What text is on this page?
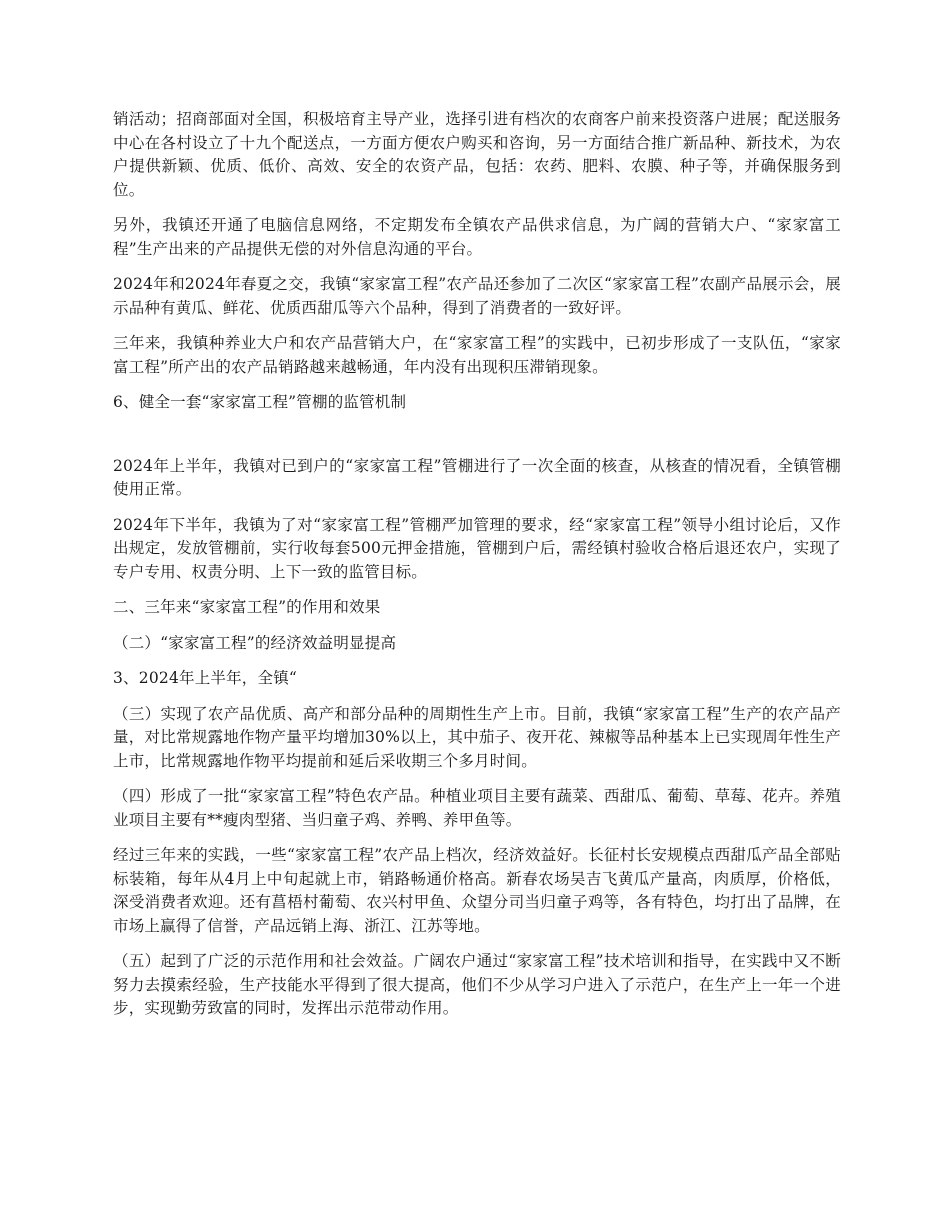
销活动；招商部面对全国，积极培育主导产业，选择引进有档次的农商客户前来投资落户进展；配送服务中心在各村设立了十九个配送点，一方面方便农户购买和咨询，另一方面结合推广新品种、新技术，为农户提供新颖、优质、低价、高效、安全的农资产品，包括：农药、肥料、农膜、种子等，并确保服务到位。

另外，我镇还开通了电脑信息网络，不定期发布全镇农产品供求信息，为广阔的营销大户、“家家富工程”生产出来的产品提供无偿的对外信息沟通的平台。

2024年和2024年春夏之交，我镇“家家富工程”农产品还参加了二次区“家家富工程”农副产品展示会，展示品种有黄瓜、鲜花、优质西甜瓜等六个品种，得到了消费者的一致好评。

三年来，我镇种养业大户和农产品营销大户，在“家家富工程”的实践中，已初步形成了一支队伍，“家家富工程”所产出的农产品销路越来越畅通，年内没有出现积压滞销现象。

6、健全一套“家家富工程”管棚的监管机制

2024年上半年，我镇对已到户的“家家富工程”管棚进行了一次全面的核查，从核查的情况看，全镇管棚使用正常。

2024年下半年，我镇为了对“家家富工程”管棚严加管理的要求，经“家家富工程”领导小组讨论后，又作出规定，发放管棚前，实行收每套500元押金措施，管棚到户后，需经镇村验收合格后退还农户，实现了专户专用、权责分明、上下一致的监管目标。

二、三年来“家家富工程”的作用和效果

（二）“家家富工程”的经济效益明显提高

3、2024年上半年，全镇“

（三）实现了农产品优质、高产和部分品种的周期性生产上市。目前，我镇“家家富工程”生产的农产品产量，对比常规露地作物产量平均增加30%以上，其中茄子、夜开花、辣椒等品种基本上已实现周年性生产上市，比常规露地作物平均提前和延后采收期三个多月时间。

（四）形成了一批“家家富工程”特色农产品。种植业项目主要有蔬菜、西甜瓜、葡萄、草莓、花卉。养殖业项目主要有**瘦肉型猪、当归童子鸡、养鸭、养甲鱼等。

经过三年来的实践，一些“家家富工程”农产品上档次，经济效益好。长征村长安规模点西甜瓜产品全部贴标装箱，每年从4月上中旬起就上市，销路畅通价格高。新春农场吴吉飞黄瓜产量高，肉质厚，价格低，深受消费者欢迎。还有菖梧村葡萄、农兴村甲鱼、众望分司当归童子鸡等，各有特色，均打出了品牌，在市场上赢得了信誉，产品远销上海、浙江、江苏等地。

（五）起到了广泛的示范作用和社会效益。广阔农户通过“家家富工程”技术培训和指导，在实践中又不断努力去摸索经验，生产技能水平得到了很大提高，他们不少从学习户进入了示范户，在生产上一年一个进步，实现勤劳致富的同时，发挥出示范带动作用。
